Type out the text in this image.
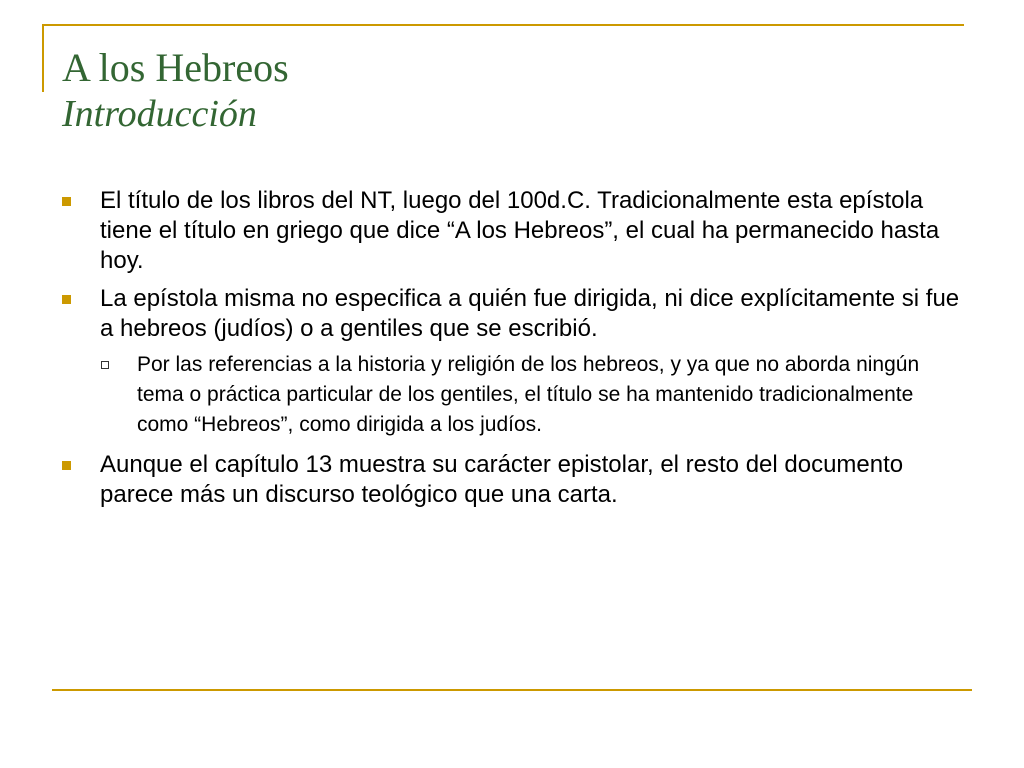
A los Hebreos
Introducción
El título de los libros del NT, luego del 100d.C. Tradicionalmente esta epístola tiene el título en griego que dice “A los Hebreos”, el cual ha permanecido hasta hoy.
La epístola misma no especifica a quién fue dirigida, ni dice explícitamente si fue a hebreos (judíos) o a gentiles que se escribió.
Por las referencias a la historia y religión de los hebreos, y ya que no aborda ningún tema o práctica particular de los gentiles, el título se ha mantenido tradicionalmente como “Hebreos”, como dirigida a los judíos.
Aunque el capítulo 13 muestra su carácter epistolar, el resto del documento parece más un discurso teológico que una carta.
